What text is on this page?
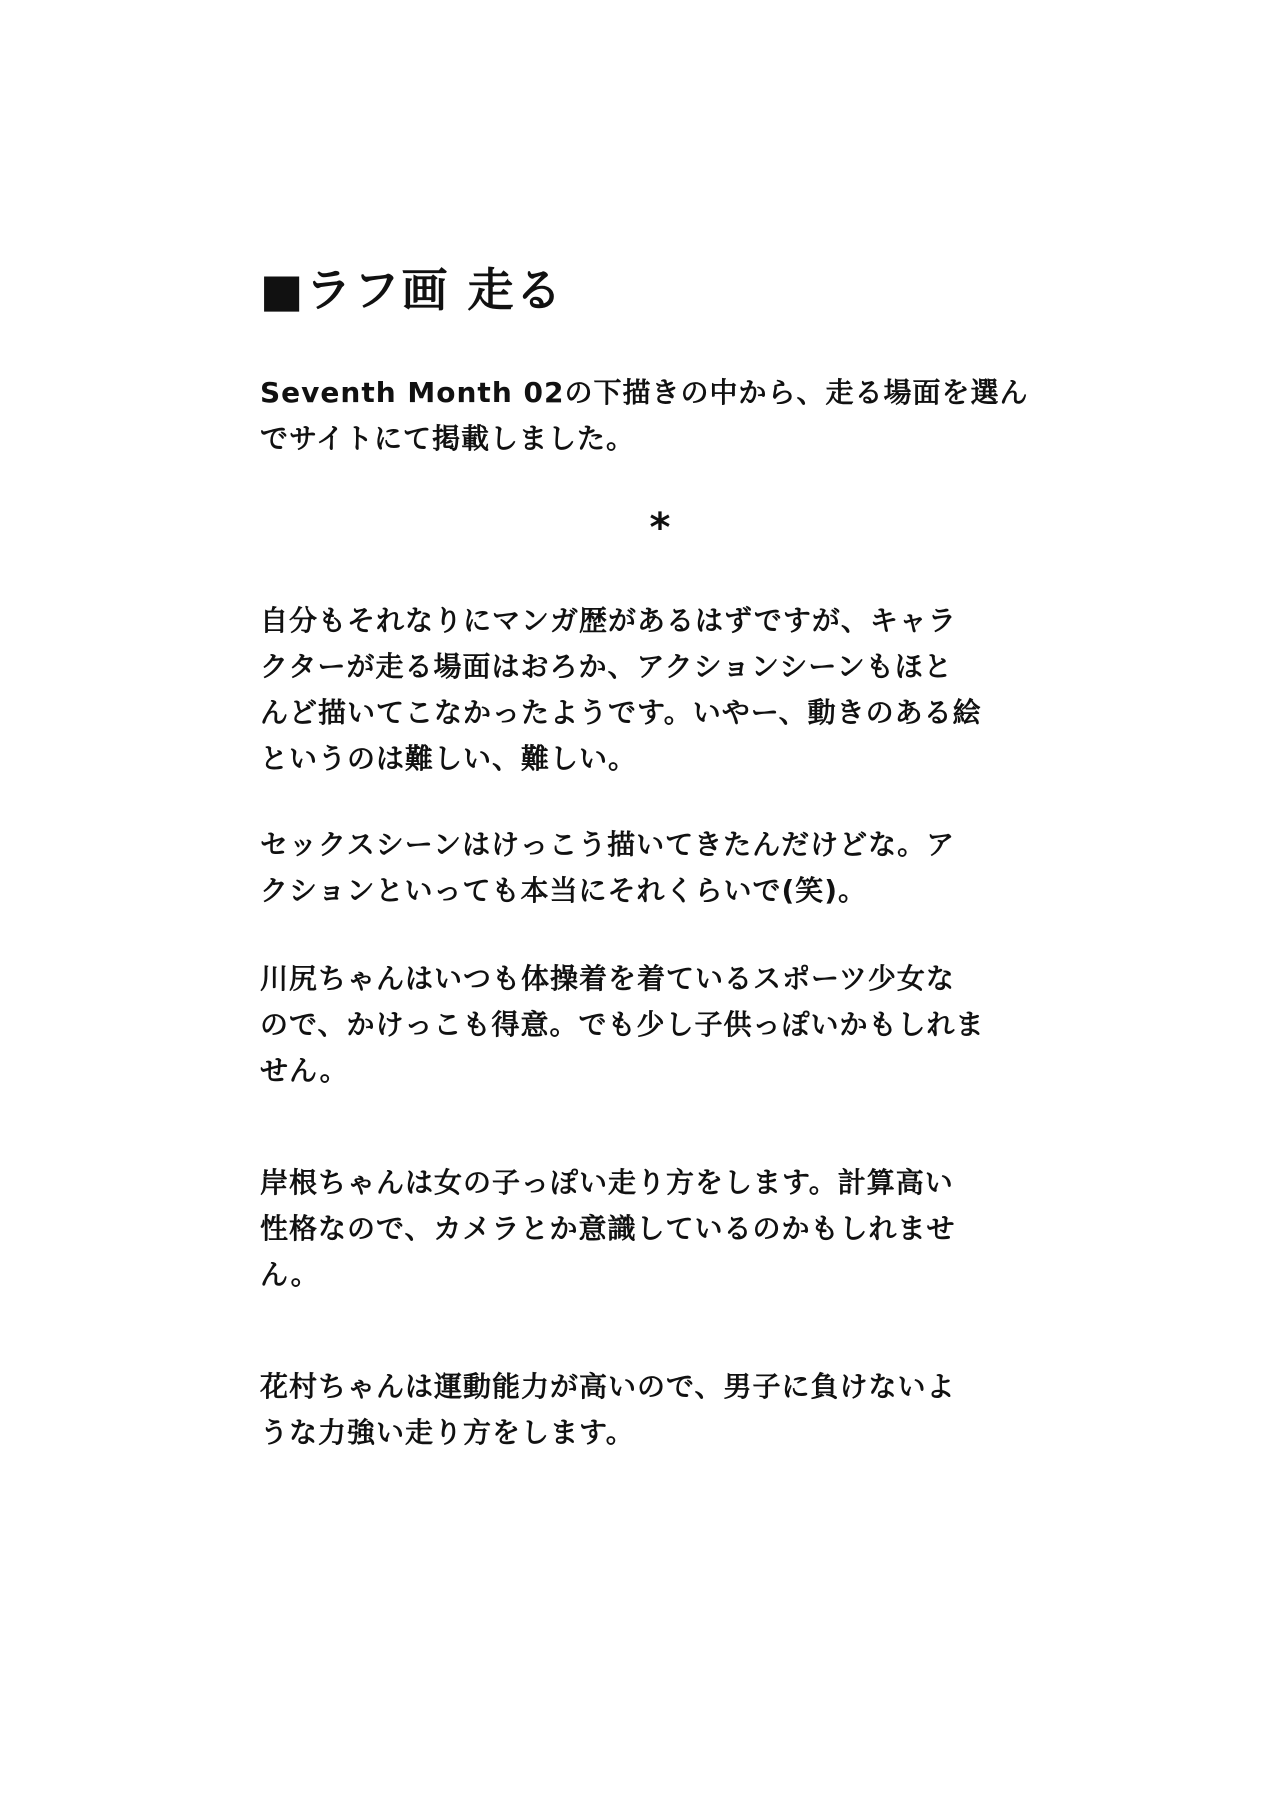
■ラフ画 走る

Seventh Month 02の下描きの中から、走る場面を選ん
でサイトにて掲載しました。

*

自分もそれなりにマンガ歴があるはずですが、キャラ
クターが走る場面はおろか、アクションシーンもほと
んど描いてこなかったようです。いやー、動きのある絵
というのは難しい、難しい。

セックスシーンはけっこう描いてきたんだけどな。ア
クションといっても本当にそれくらいで(笑)。

川尻ちゃんはいつも体操着を着ているスポーツ少女な
ので、かけっこも得意。でも少し子供っぽいかもしれま
せん。

岸根ちゃんは女の子っぽい走り方をします。計算高い
性格なので、カメラとか意識しているのかもしれませ
ん。

花村ちゃんは運動能力が高いので、男子に負けないよ
うな力強い走り方をします。
